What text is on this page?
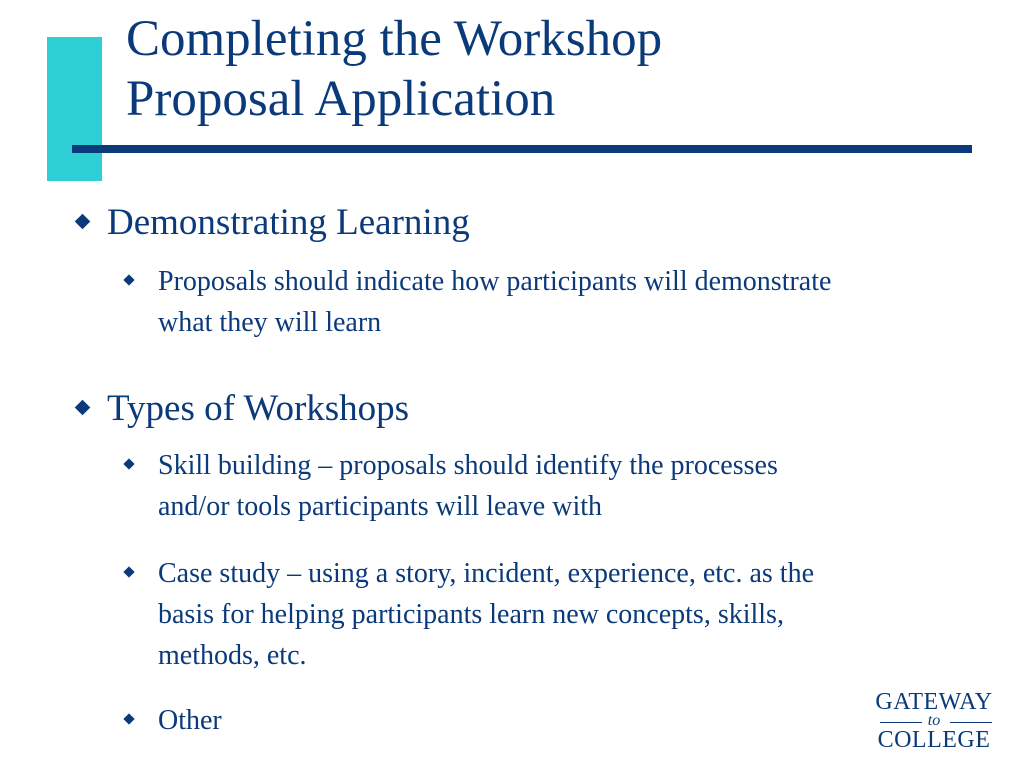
Completing the Workshop
Proposal Application
Demonstrating Learning
Proposals should indicate how participants will demonstrate
what they will learn
Types of Workshops
Skill building – proposals should identify the processes
and/or tools participants will leave with
Case study – using a story, incident, experience, etc. as the
basis for helping participants learn new concepts, skills,
methods, etc.
Other
GATEWAY
to
COLLEGE
